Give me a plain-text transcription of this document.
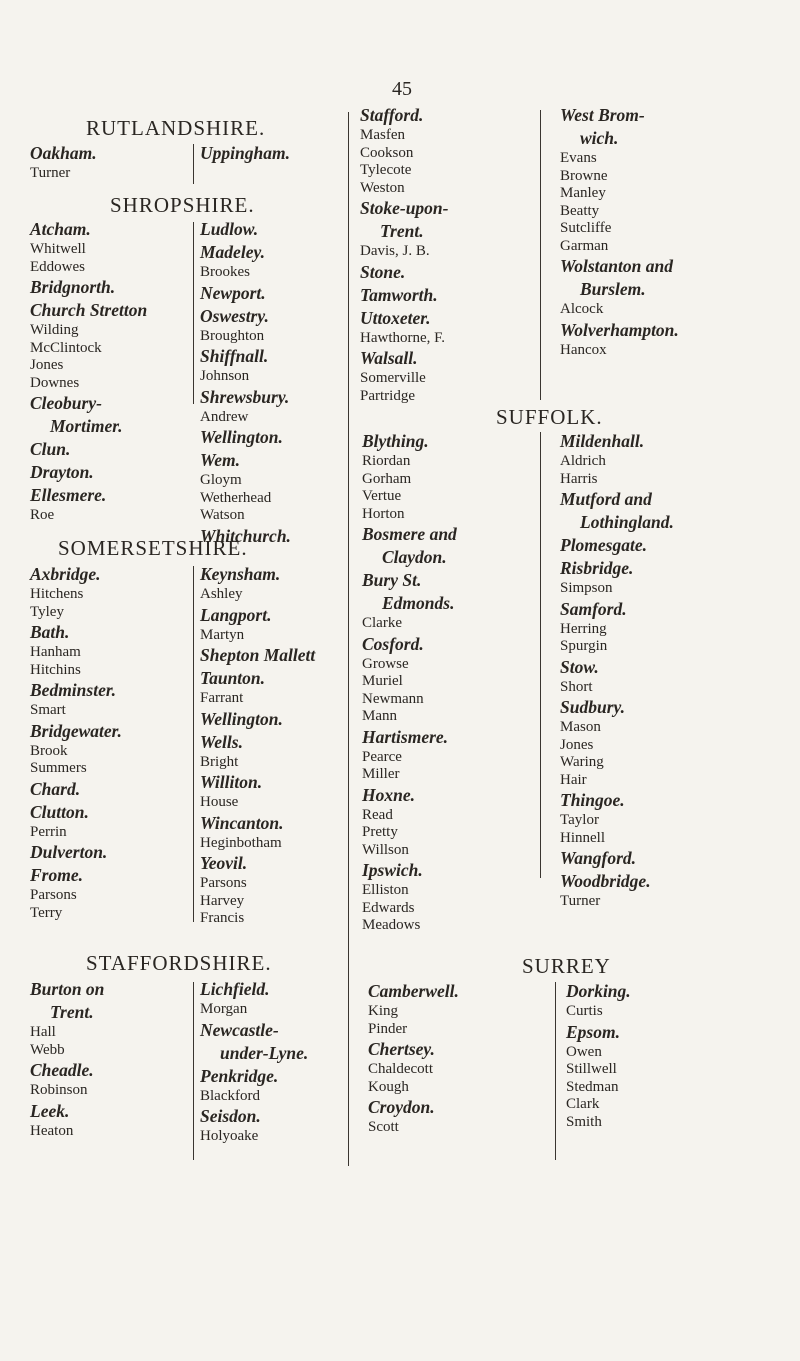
45
RUTLANDSHIRE.
Oakham.
Turner
Uppingham.
SHROPSHIRE.
Atcham.
Whitwell
Eddowes
Bridgnorth.
Church Stretton
Wilding
McClintock
Jones
Downes
Cleobury-
Mortimer.
Clun.
Drayton.
Ellesmere.
Roe
Ludlow.
Madeley.
Brookes
Newport.
Oswestry.
Broughton
Shiffnall.
Johnson
Shrewsbury.
Andrew
Wellington.
Wem.
Gloym
Wetherhead
Watson
Whitchurch.
SOMERSETSHIRE.
Axbridge.
Hitchens
Tyley
Bath.
Hanham
Hitchins
Bedminster.
Smart
Bridgewater.
Brook
Summers
Chard.
Clutton.
Perrin
Dulverton.
Frome.
Parsons
Terry
Keynsham.
Ashley
Langport.
Martyn
Shepton Mallett
Taunton.
Farrant
Wellington.
Wells.
Bright
Williton.
House
Wincanton.
Heginbotham
Yeovil.
Parsons
Harvey
Francis
STAFFORDSHIRE.
Burton on
Trent.
Hall
Webb
Cheadle.
Robinson
Leek.
Heaton
Lichfield.
Morgan
Newcastle-
under-Lyne.
Penkridge.
Blackford
Seisdon.
Holyoake
Stafford.
Masfen
Cookson
Tylecote
Weston
Stoke-upon-
Trent.
Davis, J. B.
Stone.
Tamworth.
Uttoxeter.
Hawthorne, F.
Walsall.
Somerville
Partridge
West Brom-
wich.
Evans
Browne
Manley
Beatty
Sutcliffe
Garman
Wolstanton and
Burslem.
Alcock
Wolverhampton.
Hancox
SUFFOLK.
Blything.
Riordan
Gorham
Vertue
Horton
Bosmere and
Claydon.
Bury St.
Edmonds.
Clarke
Cosford.
Growse
Muriel
Newmann
Mann
Hartismere.
Pearce
Miller
Hoxne.
Read
Pretty
Willson
Ipswich.
Elliston
Edwards
Meadows
Mildenhall.
Aldrich
Harris
Mutford and
Lothingland.
Plomesgate.
Risbridge.
Simpson
Samford.
Herring
Spurgin
Stow.
Short
Sudbury.
Mason
Jones
Waring
Hair
Thingoe.
Taylor
Hinnell
Wangford.
Woodbridge.
Turner
SURREY
Camberwell.
King
Pinder
Chertsey.
Chaldecott
Kough
Croydon.
Scott
Dorking.
Curtis
Epsom.
Owen
Stillwell
Stedman
Clark
Smith
